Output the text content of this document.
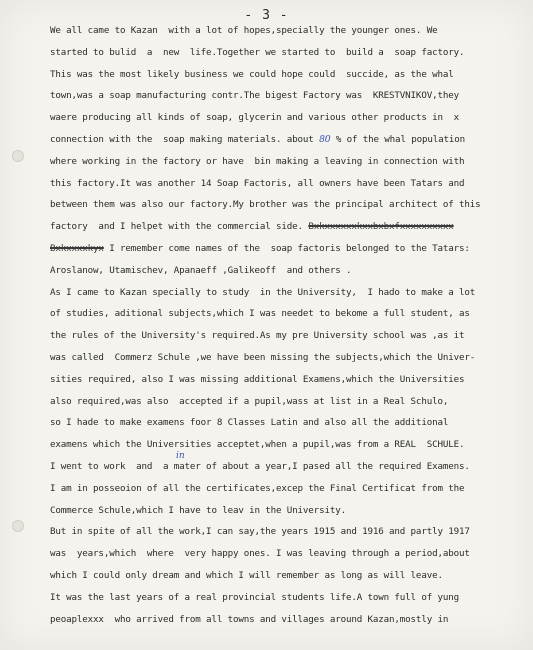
- 3 -
in
We all came to Kazan  with a lot of hopes,specially the younger ones. We
started to bulid  a  new  life.Together we started to  build a  soap factory.
This was the most likely business we could hope could  succide, as the whal
town,was a soap manufacturing contr.The bigest Factory was  KRESTVNIKOV,they
waere producing all kinds of soap, glycerin and various other products in  x
connection with the  soap making materials. about 80 % of the whal population
where working in the factory or have  bin making a leaving in connection with
this factory.It was another 14 Soap Factoris, all owners have been Tatars and
between them was also our factory.My brother was the principal architect of this
factory  and I helpet with the commercial side. Bxkxxxxxxkxxbxbxfxxxxxxxxxx
Bxkxxxxkyx I remember come names of the  soap factoris belonged to the Tatars:
Aroslanow, Utamischev, Apanaeff ,Galikeoff  and others .
As I came to Kazan specially to study  in the University,  I hado to make a lot
of studies, aditional subjects,which I was needet to bekome a full student, as
the rules of the University's required.As my pre University school was ,as it
was called  Commerz Schule ,we have been missing the subjects,which the Univer-
sities required, also I was missing additional Examens,which the Universities
also required,was also  accepted if a pupil,wass at list in a Real Schulo,
so I hade to make examens foor 8 Classes Latin and also all the additional
examens which the Universities acceptet,when a pupil,was from a REAL  SCHULE.
I went to work  and  a mater of about a year,I pased all the required Examens.
I am in posseoion of all the certificates,excep the Final Certificat from the
Commerce Schule,which I have to leav in the University.
But in spite of all the work,I can say,the years 1915 and 1916 and partly 1917
was  years,which  where  very happy ones. I was leaving through a period,about
which I could only dream and which I will remember as long as will leave.
It was the last years of a real provincial students life.A town full of yung
peoaplexxx  who arrived from all towns and villages around Kazan,mostly in
